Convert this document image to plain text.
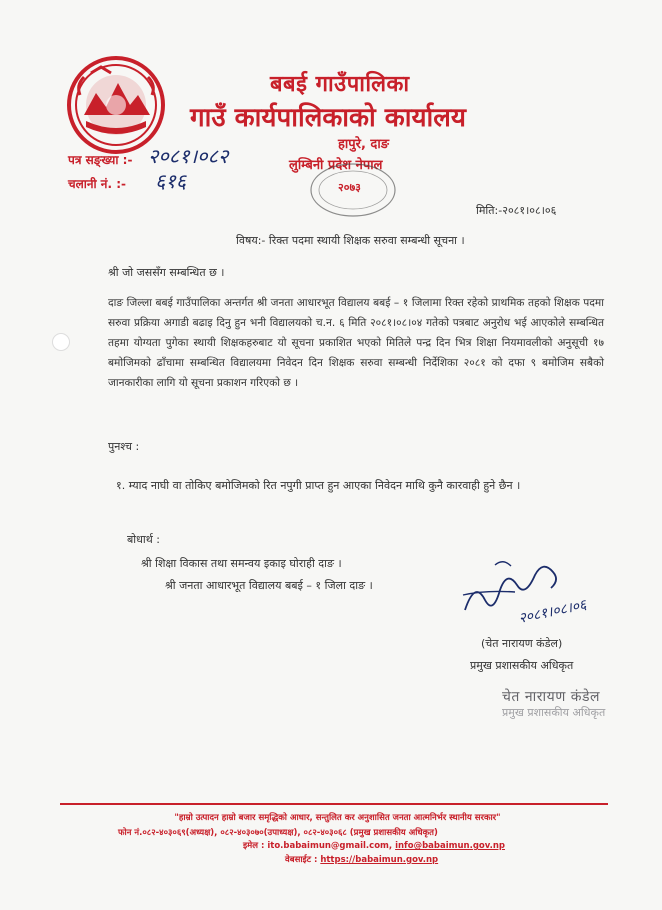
बबई गाउँपालिका
गाउँ कार्यपालिकाको कार्यालय
हापुरे, दाङ
लुम्बिनी प्रदेश नेपाल
पत्र सङ्ख्या :- २०८१।०८२
चलानी नं. :- ६१६	२०७३
मिति:-२०८१।०८।०६
विषय:- रिक्त पदमा स्थायी शिक्षक सरुवा सम्बन्धी सूचना ।
श्री जो जससँग सम्बन्धित छ ।
दाङ जिल्ला बबई गाउँपालिका अन्तर्गत श्री जनता आधारभूत विद्यालय बबई – १ जिलामा रिक्त रहेको प्राथमिक तहको शिक्षक पदमा सरुवा प्रक्रिया अगाडी बढाइ दिनु हुन भनी विद्यालयको च.न. ६ मिति २०८१।०८।०४ गतेको पत्रबाट अनुरोध भई आएकोले सम्बन्धित तहमा योग्यता पुगेका स्थायी शिक्षकहरुबाट यो सूचना प्रकाशित भएको मितिले पन्द्र दिन भित्र शिक्षा नियमावलीको अनुसूची १७ बमोजिमको ढाँचामा सम्बन्धित विद्यालयमा निवेदन दिन शिक्षक सरुवा सम्बन्धी निर्देशिका २०८१ को दफा ९ बमोजिम सबैको जानकारीका लागि यो सूचना प्रकाशन गरिएको छ ।
पुनश्च :
१. म्याद नाघी वा तोकिए बमोजिमको रित नपुगी प्राप्त हुन आएका निवेदन माथि कुनै कारवाही हुने छैन ।
बोधार्थ :
श्री शिक्षा विकास तथा समन्वय इकाइ घोराही दाङ ।
श्री जनता आधारभूत विद्यालय बबई – १ जिला दाङ ।
२०८१।०८।०६
(चेत नारायण कंडेल)
प्रमुख प्रशासकीय अधिकृत
चेत नारायण कंडेल
प्रमुख प्रशासकीय अधिकृत
"हाम्रो उत्पादन हाम्रो बजार समृद्धिको आधार, सन्तुलित कर अनुशासित जनता आत्मनिर्भर स्थानीय सरकार"
फोन नं.०८२-४०३०६९(अध्यक्ष), ०८२-४०३०७०(उपाध्यक्ष), ०८२-४०३०६८ (प्रमुख प्रशासकीय अधिकृत)
इमेल : ito.babaimun@gmail.com, info@babaimun.gov.np
वेबसाईट : https://babaimun.gov.np
